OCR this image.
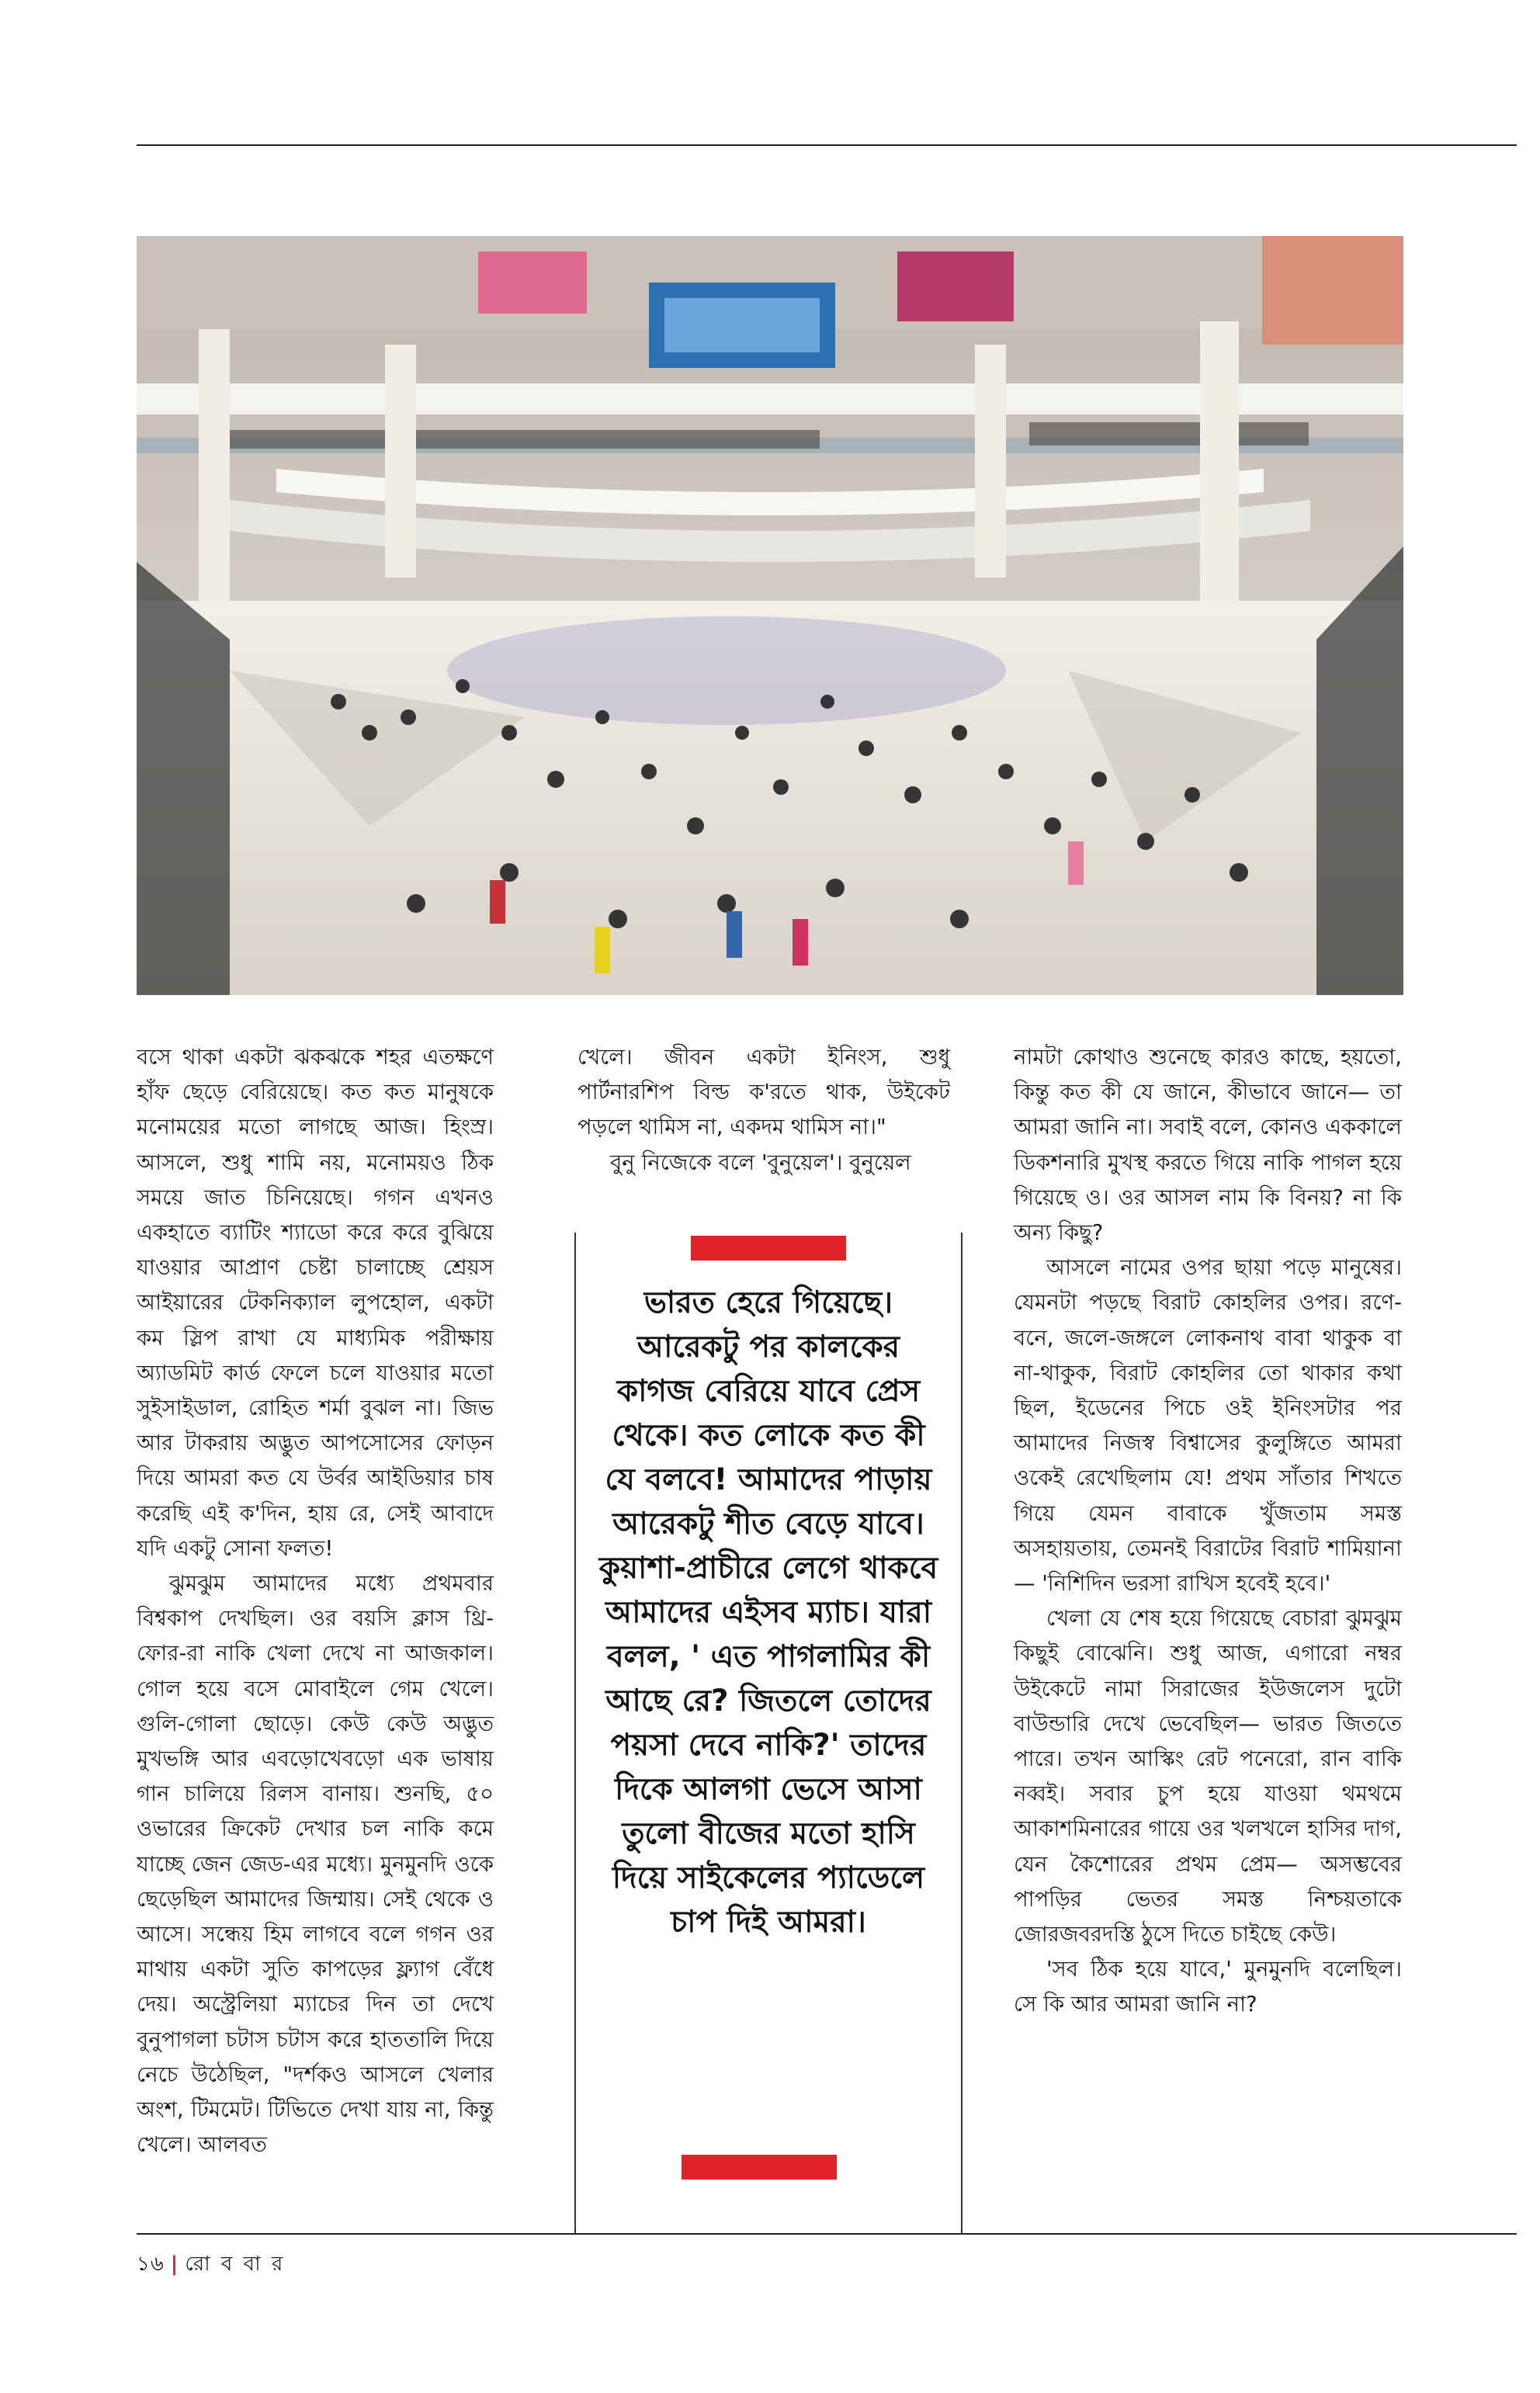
বসে থাকা একটা ঝকঝকে শহর এতক্ষণে হাঁফ ছেড়ে বেরিয়েছে। কত কত মানুষকে মনোময়ের মতো লাগছে আজ। হিংস্র। আসলে, শুধু শামি নয়, মনোময়ও ঠিক সময়ে জাত চিনিয়েছে। গগন এখনও একহাতে ব্যাটিং শ্যাডো করে করে বুঝিয়ে যাওয়ার আপ্রাণ চেষ্টা চালাচ্ছে শ্রেয়স আইয়ারের টেকনিক্যাল লুপহোল, একটা কম স্লিপ রাখা যে মাধ্যমিক পরীক্ষায় অ্যাডমিট কার্ড ফেলে চলে যাওয়ার মতো সুইসাইডাল, রোহিত শর্মা বুঝল না। জিভ আর টাকরায় অদ্ভুত আপসোসের ফোড়ন দিয়ে আমরা কত যে উর্বর আইডিয়ার চাষ করেছি এই ক'দিন, হায় রে, সেই আবাদে যদি একটু সোনা ফলত!

ঝুমঝুম আমাদের মধ্যে প্রথমবার বিশ্বকাপ দেখছিল। ওর বয়সি ক্লাস থ্রি-ফোর-রা নাকি খেলা দেখে না আজকাল। গোল হয়ে বসে মোবাইলে গেম খেলে। গুলি-গোলা ছোড়ে। কেউ কেউ অদ্ভুত মুখভঙ্গি আর এবড়োখেবড়ো এক ভাষায় গান চালিয়ে রিলস বানায়। শুনছি, ৫০ ওভারের ক্রিকেট দেখার চল নাকি কমে যাচ্ছে জেন জেড-এর মধ্যে। মুনমুনদি ওকে ছেড়েছিল আমাদের জিম্মায়। সেই থেকে ও আসে। সন্ধেয় হিম লাগবে বলে গগন ওর মাথায় একটা সুতি কাপড়ের ফ্ল্যাগ বেঁধে দেয়। অস্ট্রেলিয়া ম্যাচের দিন তা দেখে বুনুপাগলা চটাস চটাস করে হাততালি দিয়ে নেচে উঠেছিল, "দর্শকও আসলে খেলার অংশ, টিমমেট। টিভিতে দেখা যায় না, কিন্তু খেলে। আলবত

খেলে। জীবন একটা ইনিংস, শুধু পার্টনারশিপ বিল্ড ক'রতে থাক, উইকেট পড়লে থামিস না, একদম থামিস না।"

বুনু নিজেকে বলে 'বুনুয়েল'। বুনুয়েল

নামটা কোথাও শুনেছে কারও কাছে, হয়তো, কিন্তু কত কী যে জানে, কীভাবে জানে— তা আমরা জানি না। সবাই বলে, কোনও এককালে ডিকশনারি মুখস্থ করতে গিয়ে নাকি পাগল হয়ে গিয়েছে ও। ওর আসল নাম কি বিনয়? না কি অন্য কিছু?

আসলে নামের ওপর ছায়া পড়ে মানুষের। যেমনটা পড়ছে বিরাট কোহলির ওপর। রণে-বনে, জলে-জঙ্গলে লোকনাথ বাবা থাকুক বা না-থাকুক, বিরাট কোহলির তো থাকার কথা ছিল, ইডেনের পিচে ওই ইনিংসটার পর আমাদের নিজস্ব বিশ্বাসের কুলুঙ্গিতে আমরা ওকেই রেখেছিলাম যে! প্রথম সাঁতার শিখতে গিয়ে যেমন বাবাকে খুঁজতাম সমস্ত অসহায়তায়, তেমনই বিরাটের বিরাট শামিয়ানা— 'নিশিদিন ভরসা রাখিস হবেই হবে।'

খেলা যে শেষ হয়ে গিয়েছে বেচারা ঝুমঝুম কিছুই বোঝেনি। শুধু আজ, এগারো নম্বর উইকেটে নামা সিরাজের ইউজলেস দুটো বাউন্ডারি দেখে ভেবেছিল— ভারত জিততে পারে। তখন আস্কিং রেট পনেরো, রান বাকি নব্বই। সবার চুপ হয়ে যাওয়া থমথমে আকাশমিনারের গায়ে ওর খলখলে হাসির দাগ, যেন কৈশোরের প্রথম প্রেম— অসম্ভবের পাপড়ির ভেতর সমস্ত নিশ্চয়তাকে জোরজবরদস্তি ঠুসে দিতে চাইছে কেউ।

'সব ঠিক হয়ে যাবে,' মুনমুনদি বলেছিল। সে কি আর আমরা জানি না?

ভারত হেরে গিয়েছে। আরেকটু পর কালকের কাগজ বেরিয়ে যাবে প্রেস থেকে। কত লোকে কত কী যে বলবে! আমাদের পাড়ায় আরেকটু শীত বেড়ে যাবে। কুয়াশা-প্রাচীরে লেগে থাকবে আমাদের এইসব ম্যাচ। যারা বলল, ' এত পাগলামির কী আছে রে? জিতলে তোদের পয়সা দেবে নাকি?' তাদের দিকে আলগা ভেসে আসা তুলো বীজের মতো হাসি দিয়ে সাইকেলের প্যাডেলে চাপ দিই আমরা।
১৬ | রো ব বা র
